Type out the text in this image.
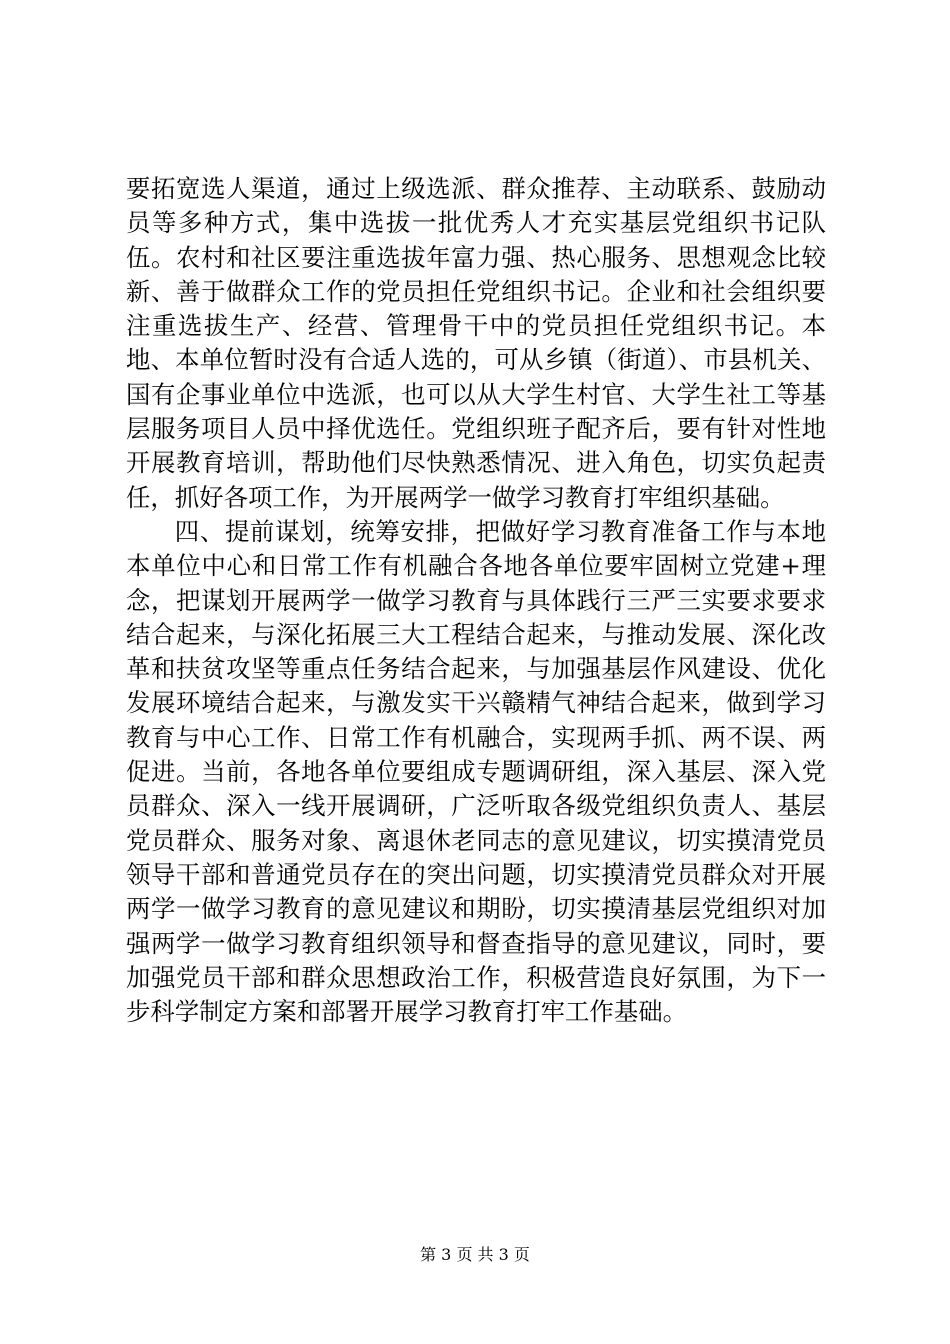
要拓宽选人渠道，通过上级选派、群众推荐、主动联系、鼓励动员等多种方式，集中选拔一批优秀人才充实基层党组织书记队伍。农村和社区要注重选拔年富力强、热心服务、思想观念比较新、善于做群众工作的党员担任党组织书记。企业和社会组织要注重选拔生产、经营、管理骨干中的党员担任党组织书记。本地、本单位暂时没有合适人选的，可从乡镇（街道）、市县机关、国有企事业单位中选派，也可以从大学生村官、大学生社工等基层服务项目人员中择优选任。党组织班子配齐后，要有针对性地开展教育培训，帮助他们尽快熟悉情况、进入角色，切实负起责任，抓好各项工作，为开展两学一做学习教育打牢组织基础。

四、提前谋划，统筹安排，把做好学习教育准备工作与本地本单位中心和日常工作有机融合各地各单位要牢固树立党建+理念，把谋划开展两学一做学习教育与具体践行三严三实要求要求结合起来，与深化拓展三大工程结合起来，与推动发展、深化改革和扶贫攻坚等重点任务结合起来，与加强基层作风建设、优化发展环境结合起来，与激发实干兴赣精气神结合起来，做到学习教育与中心工作、日常工作有机融合，实现两手抓、两不误、两促进。当前，各地各单位要组成专题调研组，深入基层、深入党员群众、深入一线开展调研，广泛听取各级党组织负责人、基层党员群众、服务对象、离退休老同志的意见建议，切实摸清党员领导干部和普通党员存在的突出问题，切实摸清党员群众对开展两学一做学习教育的意见建议和期盼，切实摸清基层党组织对加强两学一做学习教育组织领导和督查指导的意见建议，同时，要加强党员干部和群众思想政治工作，积极营造良好氛围，为下一步科学制定方案和部署开展学习教育打牢工作基础。

第 3 页 共 3 页
